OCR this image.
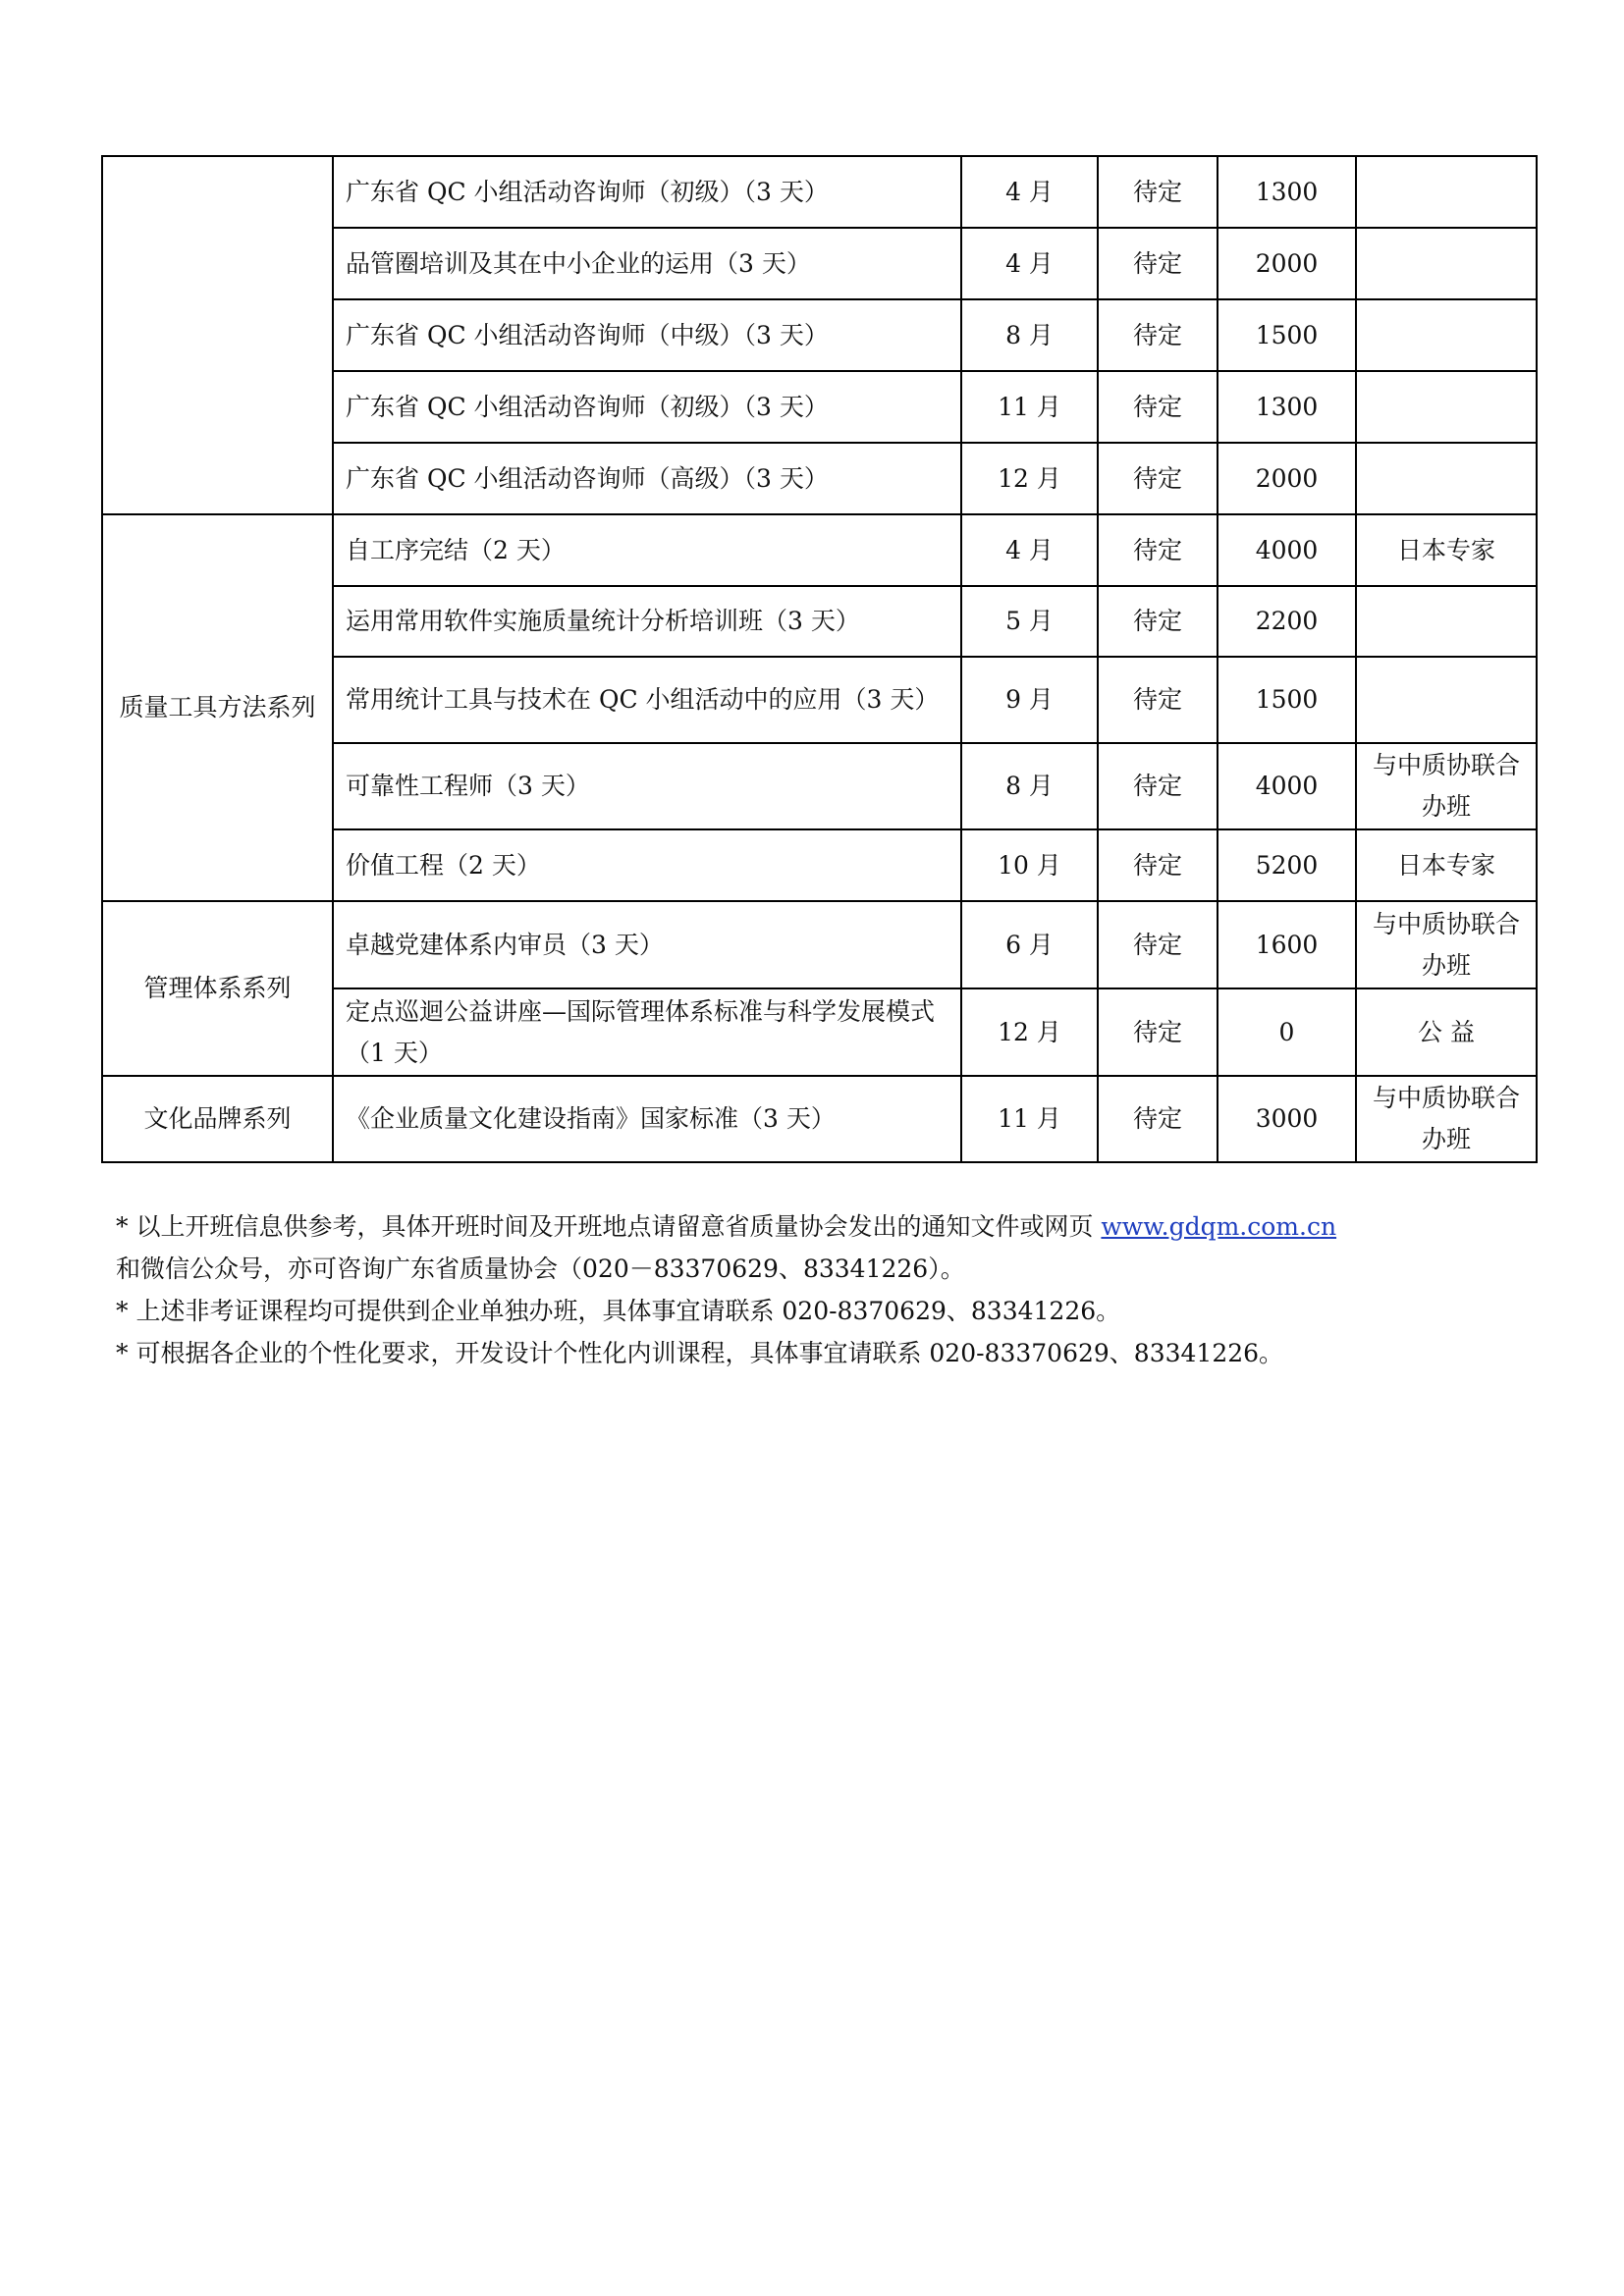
	广东省 QC 小组活动咨询师（初级）（3 天）	4 月	待定	1300	
	品管圈培训及其在中小企业的运用（3 天）	4 月	待定	2000	
	广东省 QC 小组活动咨询师（中级）（3 天）	8 月	待定	1500	
	广东省 QC 小组活动咨询师（初级）（3 天）	11 月	待定	1300	
	广东省 QC 小组活动咨询师（高级）（3 天）	12 月	待定	2000	
质量工具方法系列	自工序完结（2 天）	4 月	待定	4000	日本专家
	运用常用软件实施质量统计分析培训班（3 天）	5 月	待定	2200	
	常用统计工具与技术在 QC 小组活动中的应用（3 天）	9 月	待定	1500	
	可靠性工程师（3 天）	8 月	待定	4000	与中质协联合办班
	价值工程（2 天）	10 月	待定	5200	日本专家
管理体系系列	卓越党建体系内审员（3 天）	6 月	待定	1600	与中质协联合办班
	定点巡迴公益讲座—国际管理体系标准与科学发展模式（1 天）	12 月	待定	0	公 益
文化品牌系列	《企业质量文化建设指南》国家标准（3 天）	11 月	待定	3000	与中质协联合办班

* 以上开班信息供参考，具体开班时间及开班地点请留意省质量协会发出的通知文件或网页 www.gdqm.com.cn
和微信公众号，亦可咨询广东省质量协会（020－83370629、83341226）。

* 上述非考证课程均可提供到企业单独办班，具体事宜请联系 020-8370629、83341226。

* 可根据各企业的个性化要求，开发设计个性化内训课程，具体事宜请联系 020-83370629、83341226。
